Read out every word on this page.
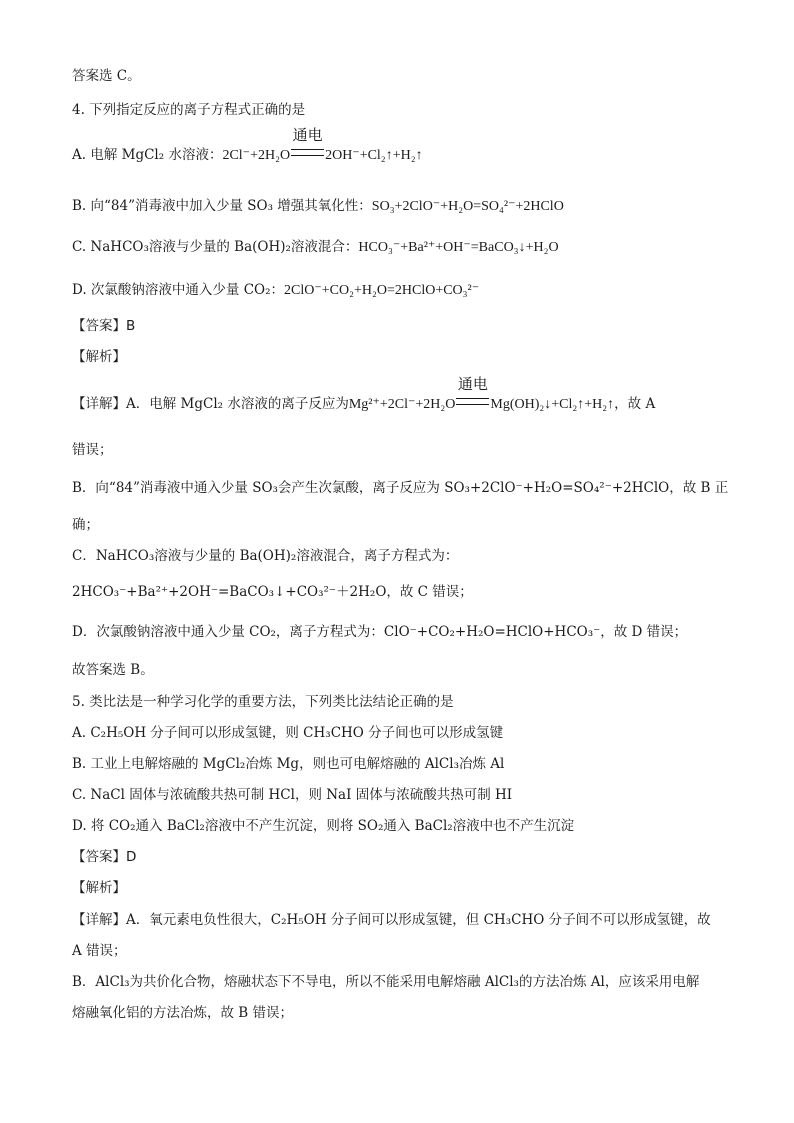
答案选 C。
4. 下列指定反应的离子方程式正确的是
A. 电解 MgCl₂ 水溶液：2Cl⁻+2H₂O
通电
2OH⁻+Cl₂↑+H₂↑
B. 向“84”消毒液中加入少量 SO₃ 增强其氧化性：SO₃+2ClO⁻+H₂O=SO₄²⁻+2HClO
C. NaHCO₃溶液与少量的 Ba(OH)₂溶液混合：HCO₃⁻+Ba²⁺+OH⁻=BaCO₃↓+H₂O
D. 次氯酸钠溶液中通入少量 CO₂：2ClO⁻+CO₂+H₂O=2HClO+CO₃²⁻
【答案】B
【解析】
【详解】A．电解 MgCl₂ 水溶液的离子反应为Mg²⁺+2Cl⁻+2H₂O
通电
Mg(OH)₂↓+Cl₂↑+H₂↑，故 A
错误；
B．向“84”消毒液中通入少量 SO₃会产生次氯酸，离子反应为 SO₃+2ClO⁻+H₂O=SO₄²⁻+2HClO，故 B 正
确；
C．NaHCO₃溶液与少量的 Ba(OH)₂溶液混合，离子方程式为：
2HCO₃⁻+Ba²⁺+2OH⁻=BaCO₃↓+CO₃²⁻＋2H₂O，故 C 错误；
D．次氯酸钠溶液中通入少量 CO₂，离子方程式为：ClO⁻+CO₂+H₂O=HClO+HCO₃⁻，故 D 错误；
故答案选 B。
5. 类比法是一种学习化学的重要方法，下列类比法结论正确的是
A. C₂H₅OH 分子间可以形成氢键，则 CH₃CHO 分子间也可以形成氢键
B. 工业上电解熔融的 MgCl₂冶炼 Mg，则也可电解熔融的 AlCl₃冶炼 Al
C. NaCl 固体与浓硫酸共热可制 HCl，则 NaI 固体与浓硫酸共热可制 HI
D. 将 CO₂通入 BaCl₂溶液中不产生沉淀，则将 SO₂通入 BaCl₂溶液中也不产生沉淀
【答案】D
【解析】
【详解】A．氧元素电负性很大，C₂H₅OH 分子间可以形成氢键，但 CH₃CHO 分子间不可以形成氢键，故
A 错误；
B．AlCl₃为共价化合物，熔融状态下不导电，所以不能采用电解熔融 AlCl₃的方法冶炼 Al，应该采用电解
熔融氧化铝的方法冶炼，故 B 错误；
